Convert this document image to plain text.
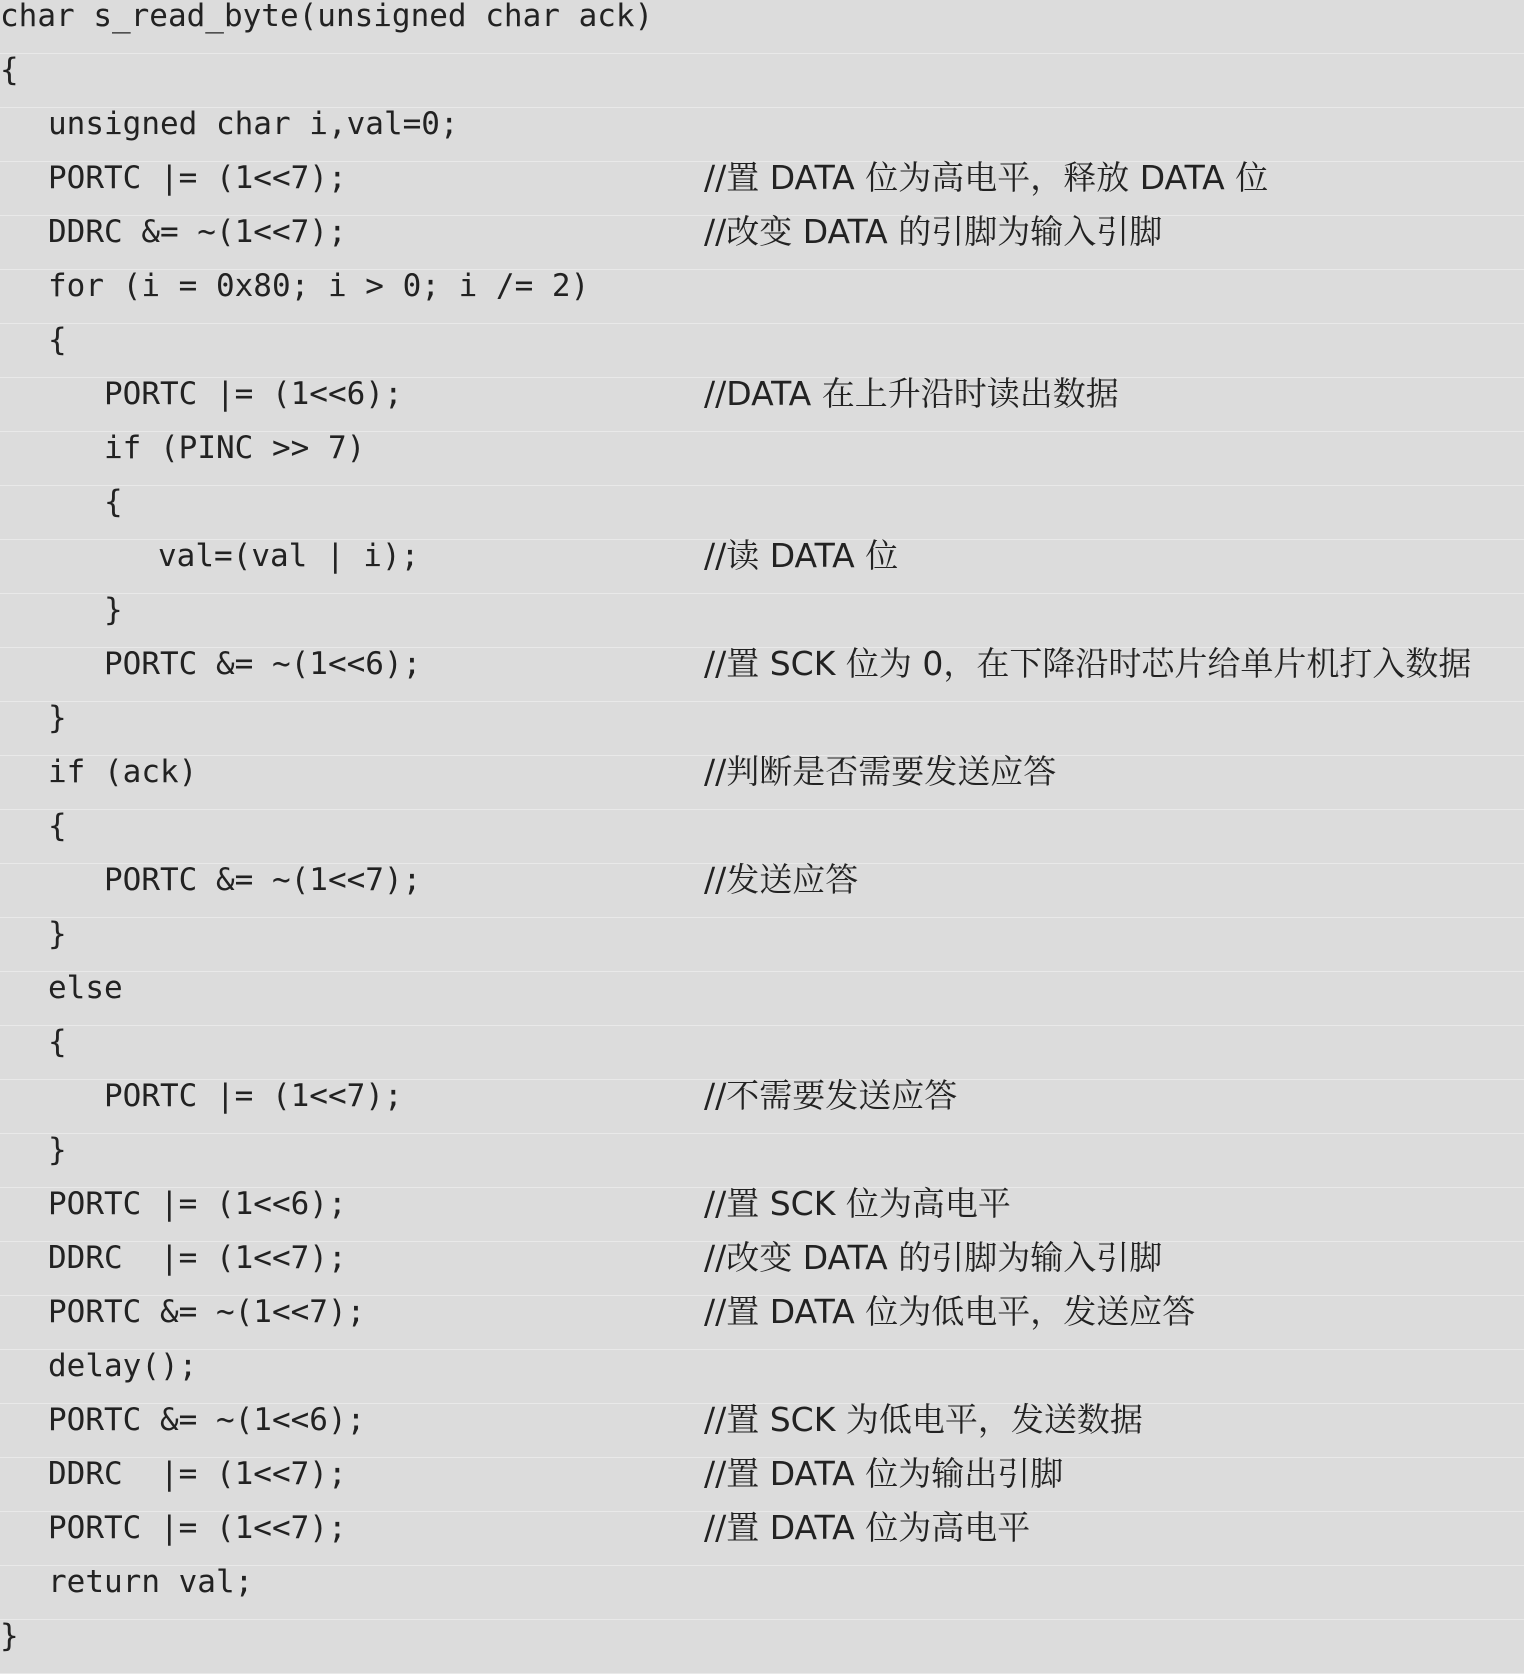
char s_read_byte(unsigned char ack)
{
unsigned char i,val=0;
PORTC |= (1<<7);	//置 DATA 位为高电平，释放 DATA 位
DDRC &= ~(1<<7);	//改变 DATA 的引脚为输入引脚
for (i = 0x80; i > 0; i /= 2)
{
PORTC |= (1<<6);	//DATA 在上升沿时读出数据
if (PINC >> 7)
{
val=(val | i);	//读 DATA 位
}
PORTC &= ~(1<<6);	//置 SCK 位为 0，在下降沿时芯片给单片机打入数据
}
if (ack)	//判断是否需要发送应答
{
PORTC &= ~(1<<7);	//发送应答
}
else
{
PORTC |= (1<<7);	//不需要发送应答
}
PORTC |= (1<<6);	//置 SCK 位为高电平
DDRC  |= (1<<7);	//改变 DATA 的引脚为输入引脚
PORTC &= ~(1<<7);	//置 DATA 位为低电平，发送应答
delay();
PORTC &= ~(1<<6);	//置 SCK 为低电平，发送数据
DDRC  |= (1<<7);	//置 DATA 位为输出引脚
PORTC |= (1<<7);	//置 DATA 位为高电平
return val;
}
